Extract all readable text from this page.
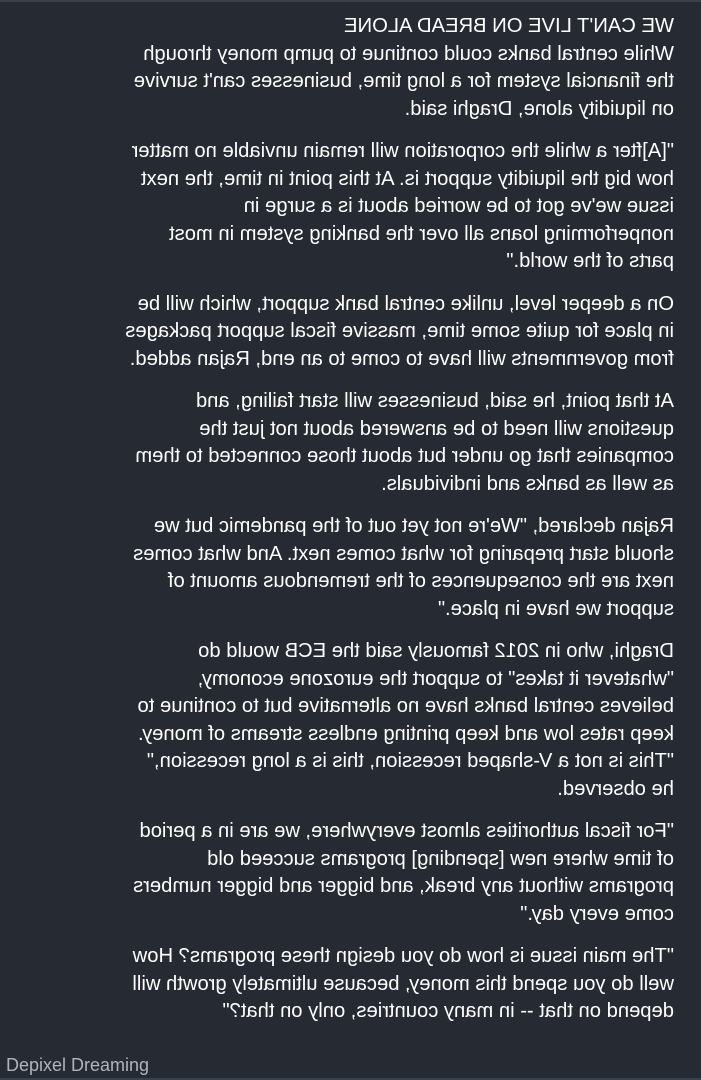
WE CAN'T LIVE ON BREAD ALONE
While central banks could continue to pump money through
the financial system for a long time, businesses can't survive
on liquidity alone, Draghi said.

"[A]fter a while the corporation will remain unviable no matter
how big the liquidity support is. At this point in time, the next
issue we've got to be worried about is a surge in
nonperforming loans all over the banking system in most
parts of the world."

On a deeper level, unlike central bank support, which will be
in place for quite some time, massive fiscal support packages
from governments will have to come to an end, Rajan added.

At that point, he said, businesses will start failing, and
questions will need to be answered about not just the
companies that go under but about those connected to them
as well as banks and individuals.

Rajan declared, "We're not yet out of the pandemic but we
should start preparing for what comes next. And what comes
next are the consequences of the tremendous amount of
support we have in place."

Draghi, who in 2012 famously said the ECB would do
"whatever it takes" to support the eurozone economy,
believes central banks have no alternative but to continue to
keep rates low and keep printing endless streams of money.
"This is not a V-shaped recession, this is a long recession,"
he observed.

"For fiscal authorities almost everywhere, we are in a period
of time where new [spending] programs succeed old
programs without any break, and bigger and bigger numbers
come every day."

"The main issue is how do you design these programs? How
well do you spend this money, because ultimately growth will
depend on that -- in many countries, only on that?"

Depixel Dreaming
